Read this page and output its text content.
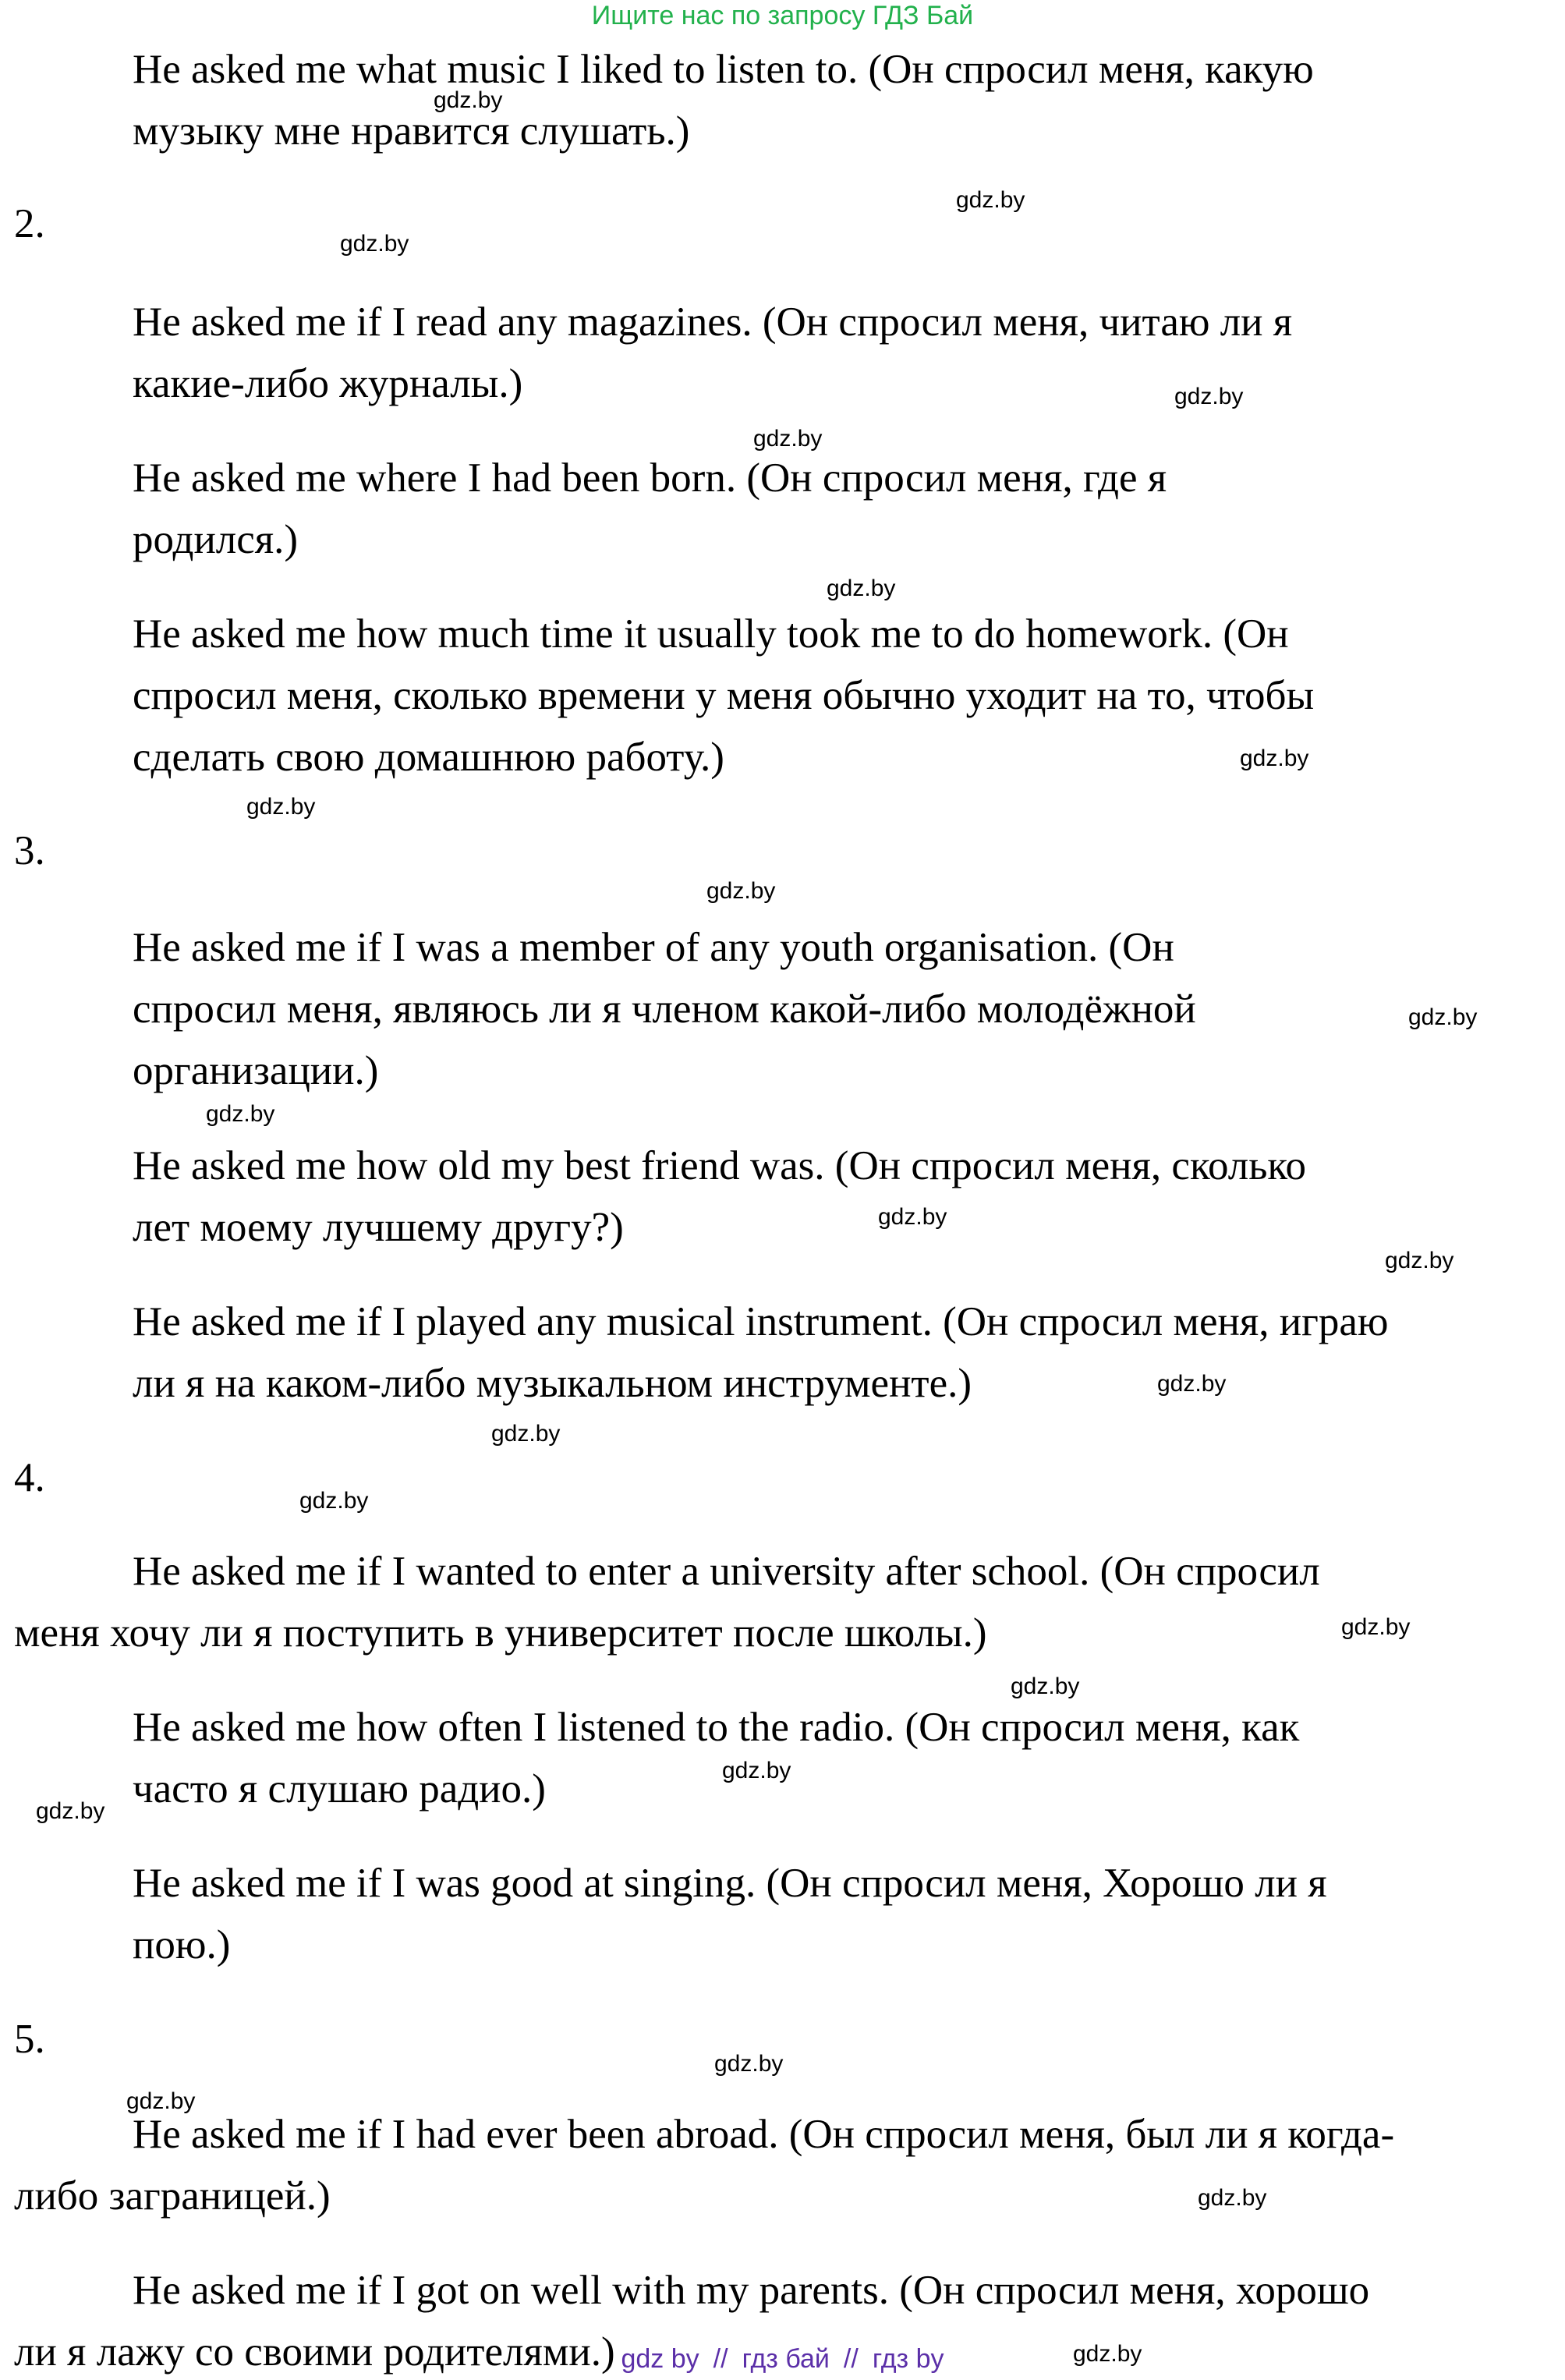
Ищите нас по запросу ГДЗ Бай
He asked me what music I liked to listen to. (Он спросил меня, какую
музыку мне нравится слушать.)
2.
He asked me if I read any magazines. (Он спросил меня, читаю ли я
какие-либо журналы.)
He asked me where I had been born. (Он спросил меня, где я
родился.)
He asked me how much time it usually took me to do homework. (Он
спросил меня, сколько времени у меня обычно уходит на то, чтобы
сделать свою домашнюю работу.)
3.
He asked me if I was a member of any youth organisation. (Он
спросил меня, являюсь ли я членом какой-либо молодёжной
организации.)
He asked me how old my best friend was. (Он спросил меня, сколько
лет моему лучшему другу?)
He asked me if I played any musical instrument. (Он спросил меня, играю
ли я на каком-либо музыкальном инструменте.)
4.
He asked me if I wanted to enter a university after school. (Он спросил
меня хочу ли я поступить в университет после школы.)
He asked me how often I listened to the radio. (Он спросил меня, как
часто я слушаю радио.)
He asked me if I was good at singing. (Он спросил меня, Хорошо ли я
пою.)
5.
He asked me if I had ever been abroad. (Он спросил меня, был ли я когда-
либо заграницей.)
He asked me if I got on well with my parents. (Он спросил меня, хорошо
ли я лажу со своими родителями.)
gdz.by
gdz.by
gdz.by
gdz.by
gdz.by
gdz.by
gdz.by
gdz.by
gdz.by
gdz.by
gdz.by
gdz.by
gdz.by
gdz.by
gdz.by
gdz.by
gdz.by
gdz.by
gdz.by
gdz.by
gdz.by
gdz.by
gdz.by
gdz.by
gdz by // гдз бай // гдз by
